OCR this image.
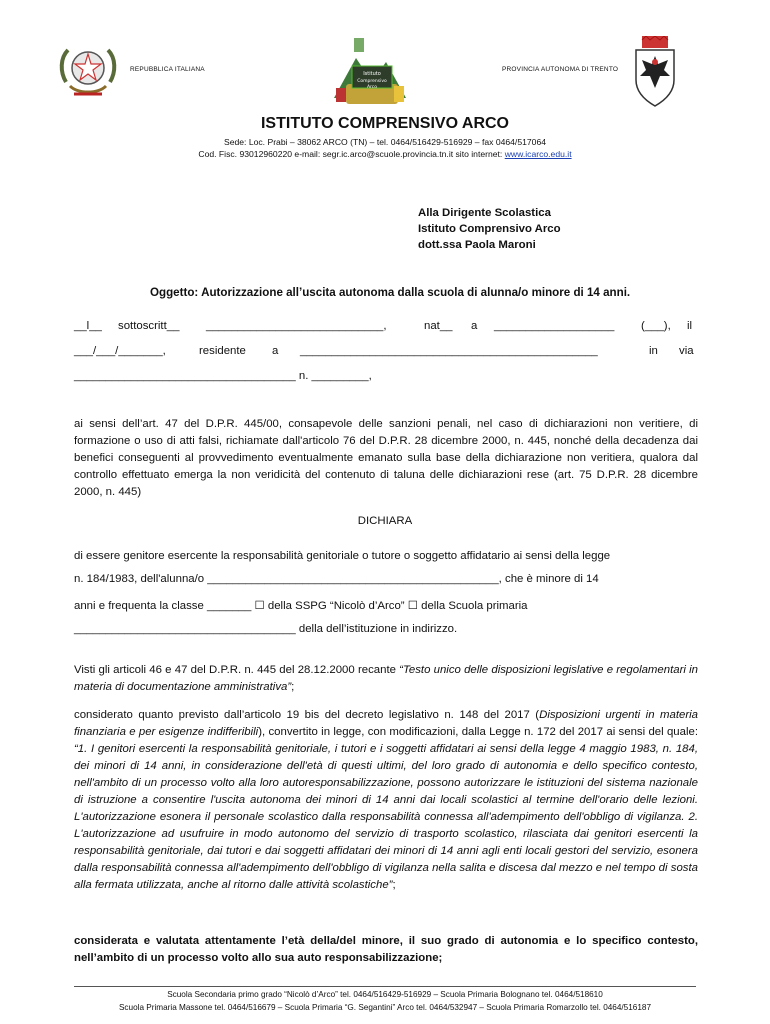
REPUBBLICA ITALIANA
Istituto
Comprensivo
Arco
PROVINCIA AUTONOMA DI TRENTO
ISTITUTO COMPRENSIVO ARCO
Sede: Loc. Prabi – 38062 ARCO (TN) – tel. 0464/516429-516929 – fax 0464/517064
Cod. Fisc. 93012960220 e-mail: segr.ic.arco@scuole.provincia.tn.it sito internet: www.icarco.edu.it
Alla Dirigente Scolastica
Istituto Comprensivo Arco
dott.ssa Paola Maroni
Oggetto: Autorizzazione all’uscita autonoma dalla scuola di alunna/o minore di 14 anni.
__l__ sottoscritt__ ____________________________,	nat__ a ___________________ (___), il
___/___/_______,	residente a _______________________________________________	in via
___________________________________ n. _________,
ai sensi dell’art. 47 del D.P.R. 445/00, consapevole delle sanzioni penali, nel caso di dichiarazioni non veritiere, di formazione o uso di atti falsi, richiamate dall'articolo 76 del D.P.R. 28 dicembre 2000, n. 445, nonché della decadenza dai benefici conseguenti al provvedimento eventualmente emanato sulla base della dichiarazione non veritiera, qualora dal controllo effettuato emerga la non veridicità del contenuto di taluna delle dichiarazioni rese (art. 75 D.P.R. 28 dicembre 2000, n. 445)
DICHIARA
di essere genitore esercente la responsabilità genitoriale o tutore o soggetto affidatario ai sensi della legge
n. 184/1983, dell'alunna/o ______________________________________________, che è minore di 14
anni e frequenta la classe _______ ☐ della SSPG “Nicolò d’Arco” ☐ della Scuola primaria
___________________________________ della dell’istituzione in indirizzo.
Visti gli articoli 46 e 47 del D.P.R. n. 445 del 28.12.2000 recante “Testo unico delle disposizioni legislative e regolamentari in materia di documentazione amministrativa”;
considerato quanto previsto dall’articolo 19 bis del decreto legislativo n. 148 del 2017 (Disposizioni urgenti in materia finanziaria e per esigenze indifferibili), convertito in legge, con modificazioni, dalla Legge n. 172 del 2017 ai sensi del quale: “1. I genitori esercenti la responsabilità genitoriale, i tutori e i soggetti affidatari ai sensi della legge 4 maggio 1983, n. 184, dei minori di 14 anni, in considerazione dell'età di questi ultimi, del loro grado di autonomia e dello specifico contesto, nell'ambito di un processo volto alla loro autoresponsabilizzazione, possono autorizzare le istituzioni del sistema nazionale di istruzione a consentire l'uscita autonoma dei minori di 14 anni dai locali scolastici al termine dell'orario delle lezioni. L'autorizzazione esonera il personale scolastico dalla responsabilità connessa all'adempimento dell'obbligo di vigilanza. 2. L'autorizzazione ad usufruire in modo autonomo del servizio di trasporto scolastico, rilasciata dai genitori esercenti la responsabilità genitoriale, dai tutori e dai soggetti affidatari dei minori di 14 anni agli enti locali gestori del servizio, esonera dalla responsabilità connessa all'adempimento dell'obbligo di vigilanza nella salita e discesa dal mezzo e nel tempo di sosta alla fermata utilizzata, anche al ritorno dalle attività scolastiche”;
considerata e valutata attentamente l’età della/del minore, il suo grado di autonomia e lo specifico contesto, nell’ambito di un processo volto allo sua auto responsabilizzazione;
Scuola Secondaria primo grado “Nicolò d’Arco” tel. 0464/516429-516929 – Scuola Primaria Bolognano tel. 0464/518610
Scuola Primaria Massone tel. 0464/516679 – Scuola Primaria “G. Segantini” Arco tel. 0464/532947 – Scuola Primaria Romarzollo tel. 0464/516187
